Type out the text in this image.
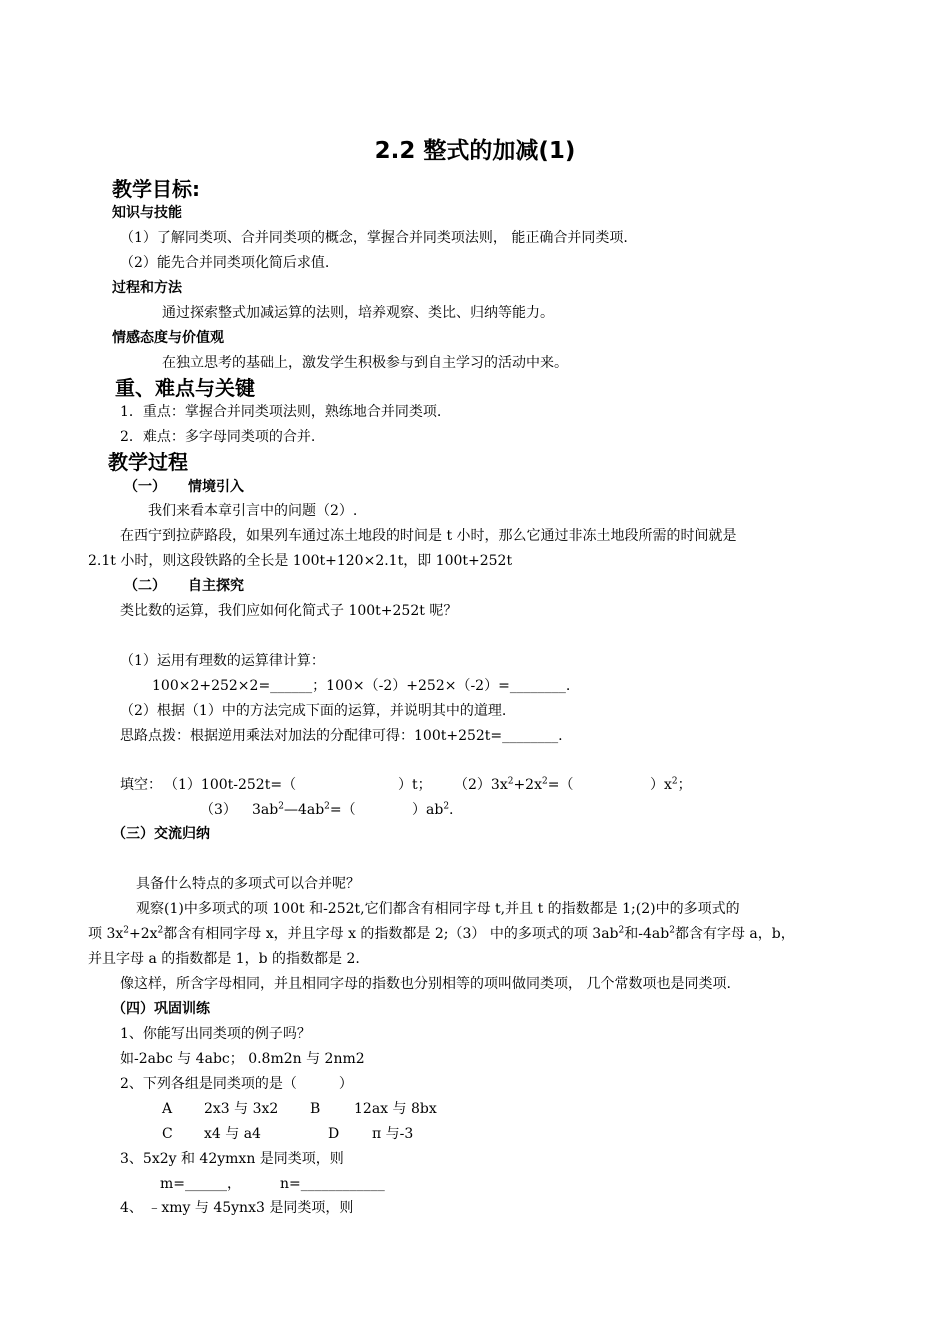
2.2 整式的加减(1)
教学目标:
知识与技能
（1）了解同类项、合并同类项的概念，掌握合并同类项法则， 能正确合并同类项.
（2）能先合并同类项化简后求值.
过程和方法
通过探索整式加减运算的法则，培养观察、类比、归纳等能力。
情感态度与价值观
在独立思考的基础上，激发学生积极参与到自主学习的活动中来。
重、难点与关键
1．重点：掌握合并同类项法则，熟练地合并同类项.
2．难点：多字母同类项的合并.
教学过程
（一） 情境引入
我们来看本章引言中的问题（2）.
在西宁到拉萨路段，如果列车通过冻土地段的时间是 t 小时，那么它通过非冻土地段所需的时间就是
2.1t 小时，则这段铁路的全长是 100t+120×2.1t，即 100t+252t
（二） 自主探究
类比数的运算，我们应如何化简式子 100t+252t 呢？
（1）运用有理数的运算律计算：
100×2+252×2=______；100×（-2）+252×（-2）=________.
（2）根据（1）中的方法完成下面的运算，并说明其中的道理.
思路点拨：根据逆用乘法对加法的分配律可得：100t+252t=________.
填空： （1）100t-252t=（	）t； $(2)3x^2+2x^2=$（	）$x^2$；
（3） $3ab^2—4ab^2=$（	）$ab^2$.
（三）交流归纳
具备什么特点的多项式可以合并呢？
观察(1)中多项式的项 100t 和-252t,它们都含有相同字母 t,并且 t 的指数都是 1;(2)中的多项式的
项 $3x^2+2x^2$都含有相同字母 x，并且字母 x 的指数都是 2;（3） 中的多项式的项 $3ab^2$和$-4ab^2$都含有字母 a，b，
并且字母 a 的指数都是 1，b 的指数都是 2.
像这样，所含字母相同，并且相同字母的指数也分别相等的项叫做同类项， 几个常数项也是同类项.
（四）巩固训练
1、你能写出同类项的例子吗？
如-2abc 与 4abc； 0.8m2n 与 2nm2
2、下列各组是同类项的是（　　　）
A 2x3 与 3x2 B 12ax 与 8bx
C x4 与 a4	D π 与-3
3、5x2y 和 42ymxn 是同类项，则
m=______，	n=____________
4、 ﹣xmy 与 45ynx3 是同类项，则
